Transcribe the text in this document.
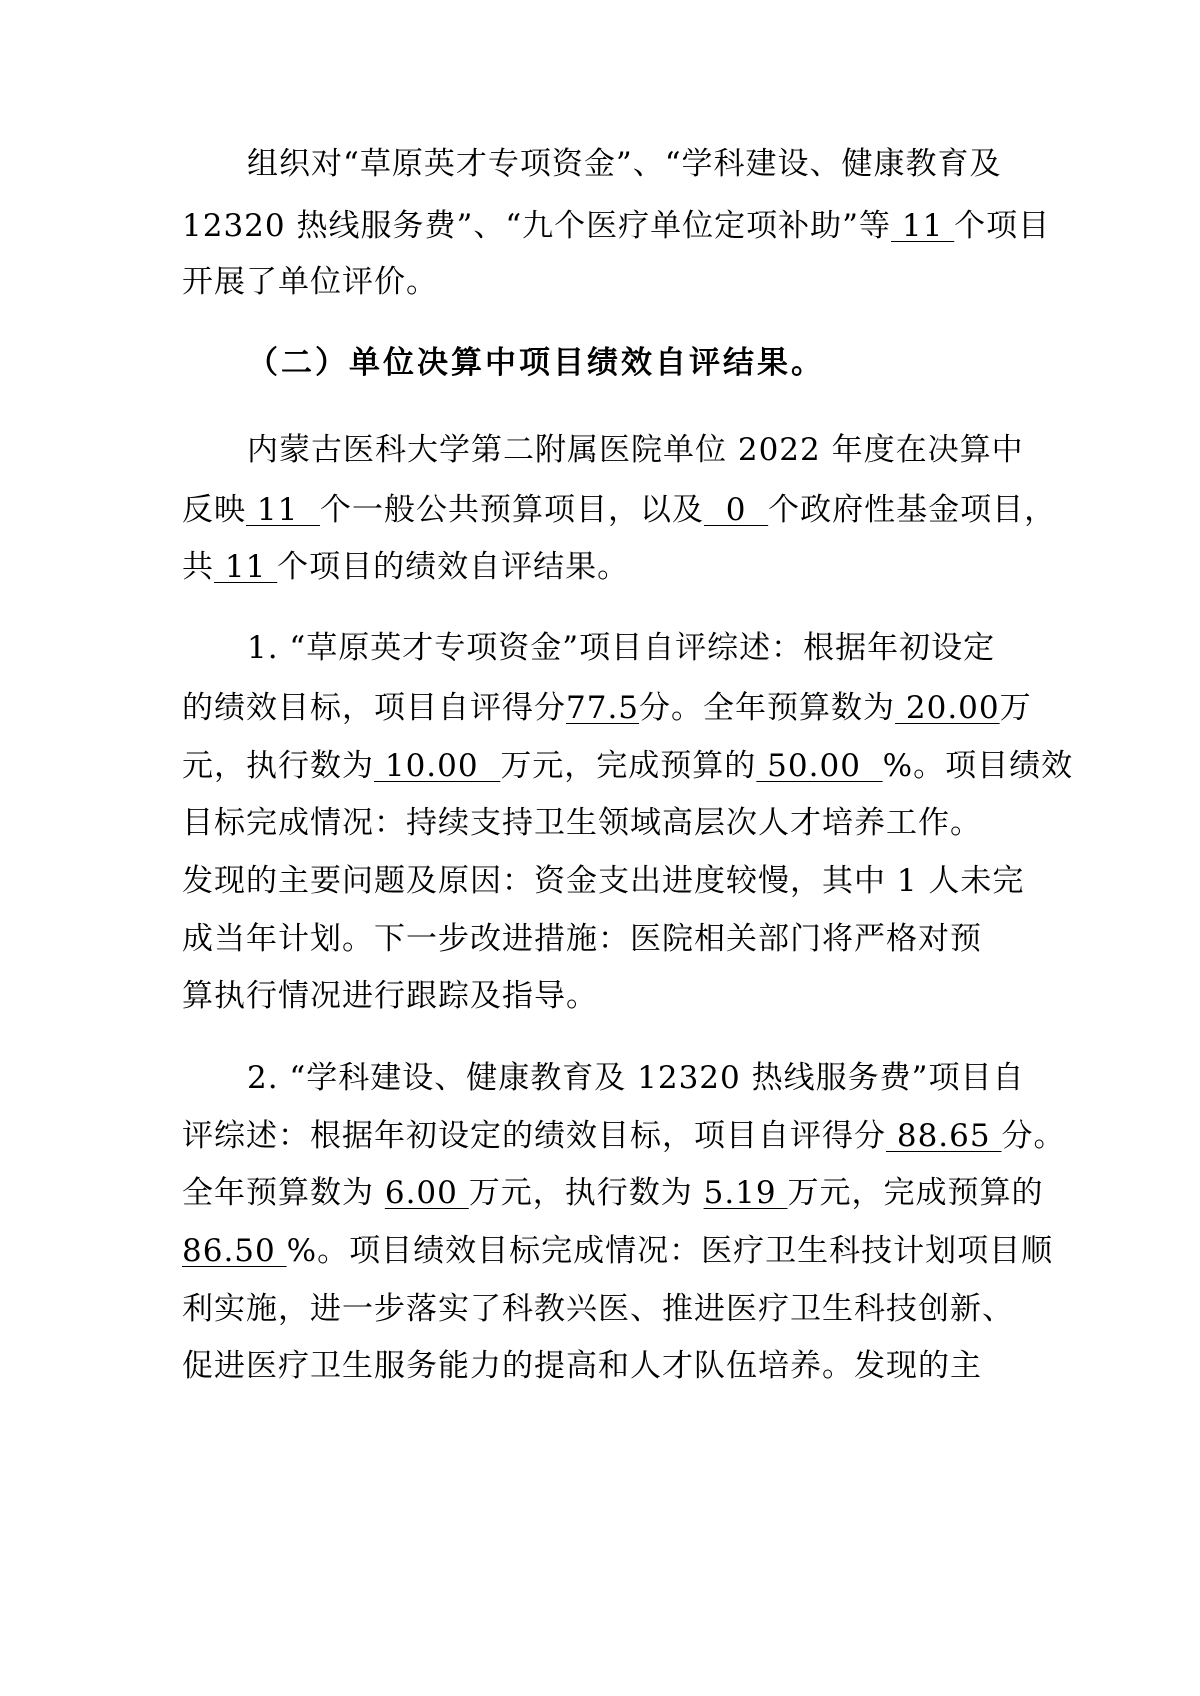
组织对“草原英才专项资金”、“学科建设、健康教育及

12320 热线服务费”、“九个医疗单位定项补助”等 11 个项目

开展了单位评价。

（二）单位决算中项目绩效自评结果。

内蒙古医科大学第二附属医院单位 2022 年度在决算中

反映 11  个一般公共预算项目，以及  0  个政府性基金项目，

共 11 个项目的绩效自评结果。

1. “草原英才专项资金”项目自评综述：根据年初设定

的绩效目标，项目自评得分77.5分。全年预算数为 20.00万

元，执行数为 10.00  万元，完成预算的 50.00  %。项目绩效

目标完成情况：持续支持卫生领域高层次人才培养工作。

发现的主要问题及原因：资金支出进度较慢，其中 1 人未完

成当年计划。下一步改进措施：医院相关部门将严格对预

算执行情况进行跟踪及指导。

2. “学科建设、健康教育及 12320 热线服务费”项目自

评综述：根据年初设定的绩效目标，项目自评得分 88.65 分。

全年预算数为 6.00 万元，执行数为 5.19 万元，完成预算的

86.50 %。项目绩效目标完成情况：医疗卫生科技计划项目顺

利实施，进一步落实了科教兴医、推进医疗卫生科技创新、

促进医疗卫生服务能力的提高和人才队伍培养。发现的主
